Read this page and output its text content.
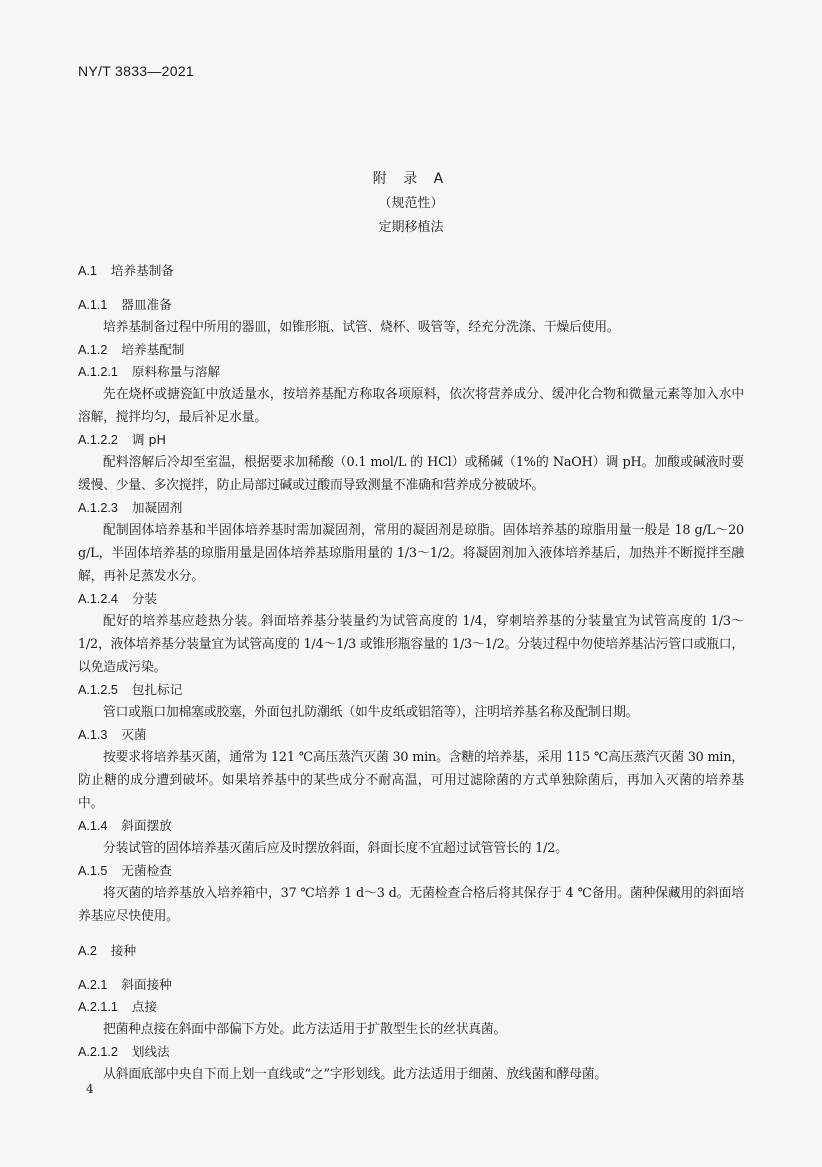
NY/T 3833—2021
附 录 A
（规范性）
定期移植法
A.1 培养基制备
A.1.1 器皿准备

培养基制备过程中所用的器皿，如锥形瓶、试管、烧杯、吸管等，经充分洗涤、干燥后使用。

A.1.2 培养基配制
A.1.2.1 原料称量与溶解

先在烧杯或搪瓷缸中放适量水，按培养基配方称取各项原料，依次将营养成分、缓冲化合物和微量元素等加入水中溶解，搅拌均匀，最后补足水量。

A.1.2.2 调 pH

配料溶解后冷却至室温，根据要求加稀酸（0.1 mol/L 的 HCl）或稀碱（1%的 NaOH）调 pH。加酸或碱液时要缓慢、少量、多次搅拌，防止局部过碱或过酸而导致测量不准确和营养成分被破坏。

A.1.2.3 加凝固剂

配制固体培养基和半固体培养基时需加凝固剂，常用的凝固剂是琼脂。固体培养基的琼脂用量一般是 18 g/L～20 g/L，半固体培养基的琼脂用量是固体培养基琼脂用量的 1/3～1/2。将凝固剂加入液体培养基后，加热并不断搅拌至融解，再补足蒸发水分。

A.1.2.4 分装

配好的培养基应趁热分装。斜面培养基分装量约为试管高度的 1/4，穿刺培养基的分装量宜为试管高度的 1/3～1/2，液体培养基分装量宜为试管高度的 1/4～1/3 或锥形瓶容量的 1/3～1/2。分装过程中勿使培养基沾污管口或瓶口，以免造成污染。

A.1.2.5 包扎标记

管口或瓶口加棉塞或胶塞，外面包扎防潮纸（如牛皮纸或铝箔等），注明培养基名称及配制日期。

A.1.3 灭菌

按要求将培养基灭菌，通常为 121 ℃高压蒸汽灭菌 30 min。含糖的培养基，采用 115 ℃高压蒸汽灭菌 30 min，防止糖的成分遭到破坏。如果培养基中的某些成分不耐高温，可用过滤除菌的方式单独除菌后，再加入灭菌的培养基中。

A.1.4 斜面摆放

分装试管的固体培养基灭菌后应及时摆放斜面，斜面长度不宜超过试管管长的 1/2。

A.1.5 无菌检查

将灭菌的培养基放入培养箱中，37 ℃培养 1 d～3 d。无菌检查合格后将其保存于 4 ℃备用。菌种保藏用的斜面培养基应尽快使用。

A.2 接种
A.2.1 斜面接种
A.2.1.1 点接

把菌种点接在斜面中部偏下方处。此方法适用于扩散型生长的丝状真菌。

A.2.1.2 划线法

从斜面底部中央自下而上划一直线或“之”字形划线。此方法适用于细菌、放线菌和酵母菌。

4
